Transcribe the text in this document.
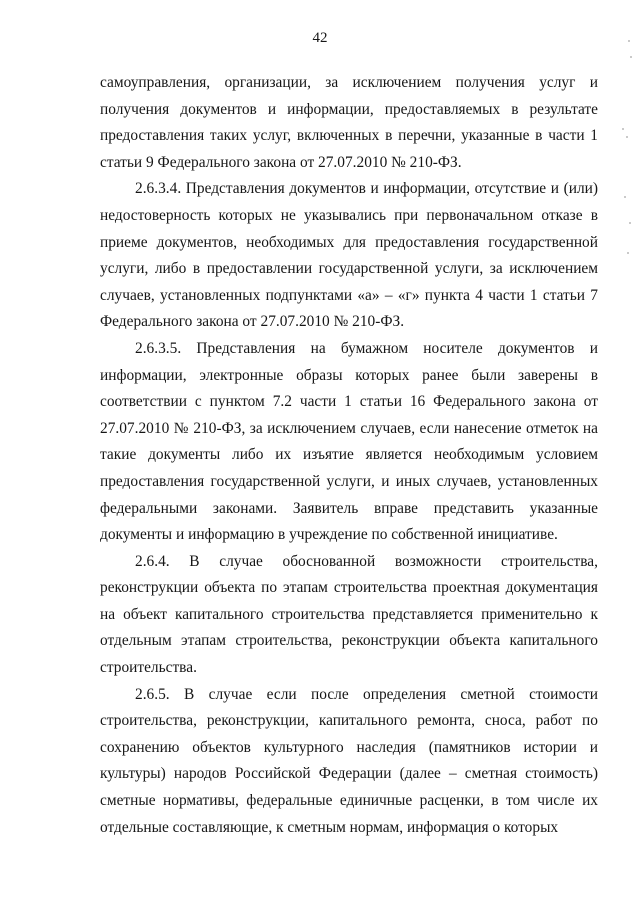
42

самоуправления, организации, за исключением получения услуг и получения документов и информации, предоставляемых в результате предоставления таких услуг, включенных в перечни, указанные в части 1 статьи 9 Федерального закона от 27.07.2010 № 210-ФЗ.

2.6.3.4. Представления документов и информации, отсутствие и (или) недостоверность которых не указывались при первоначальном отказе в приеме документов, необходимых для предоставления государственной услуги, либо в предоставлении государственной услуги, за исключением случаев, установленных подпунктами «а» – «г» пункта 4 части 1 статьи 7 Федерального закона от 27.07.2010 № 210-ФЗ.

2.6.3.5. Представления на бумажном носителе документов и информации, электронные образы которых ранее были заверены в соответствии с пунктом 7.2 части 1 статьи 16 Федерального закона от 27.07.2010 № 210-ФЗ, за исключением случаев, если нанесение отметок на такие документы либо их изъятие является необходимым условием предоставления государственной услуги, и иных случаев, установленных федеральными законами. Заявитель вправе представить указанные документы и информацию в учреждение по собственной инициативе.

2.6.4. В случае обоснованной возможности строительства, реконструкции объекта по этапам строительства проектная документация на объект капитального строительства представляется применительно к отдельным этапам строительства, реконструкции объекта капитального строительства.

2.6.5. В случае если после определения сметной стоимости строительства, реконструкции, капитального ремонта, сноса, работ по сохранению объектов культурного наследия (памятников истории и культуры) народов Российской Федерации (далее – сметная стоимость) сметные нормативы, федеральные единичные расценки, в том числе их отдельные составляющие, к сметным нормам, информация о которых
